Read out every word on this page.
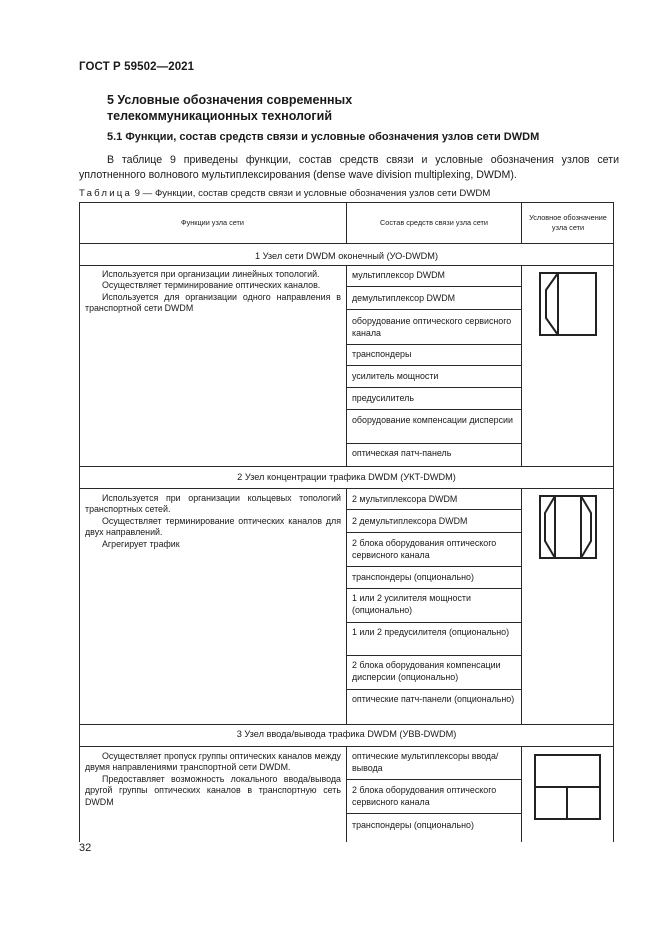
ГОСТ Р 59502—2021
5 Условные обозначения современных
телекоммуникационных технологий
5.1 Функции, состав средств связи и условные обозначения узлов сети DWDM
В таблице 9 приведены функции, состав средств связи и условные обозначения узлов сети уплотненного волнового мультиплексирования (dense wave division multiplexing, DWDM).
Таблица 9 — Функции, состав средств связи и условные обозначения узлов сети DWDM
Функции узла сети	Состав средств связи узла сети
Условное обозначение узла сети
1 Узел сети DWDM оконечный (УО-DWDM)

Используется при организации линейных топологий.

Осуществляет терминирование оптических каналов.

Используется для организации одного направления в транспортной сети DWDM

мультиплексор DWDM
демультиплексор DWDM
оборудование оптического сервисного канала
транспондеры
усилитель мощности
предусилитель
оборудование компенсации дисперсии
оптическая патч-панель
2 Узел концентрации трафика DWDM (УКТ-DWDM)

Используется при организации кольцевых топологий транспортных сетей.

Осуществляет терминирование оптических каналов для двух направлений.

Агрегирует трафик

2 мультиплексора DWDM
2 демультиплексора DWDM
2 блока оборудования оптического сервисного канала
транспондеры (опционально)
1 или 2 усилителя мощности (опционально)
1 или 2 предусилителя (опционально)
2 блока оборудования компенсации дисперсии (опционально)
оптические патч-панели (опционально)
3 Узел ввода/вывода трафика DWDM (УВВ-DWDM)

Осуществляет пропуск группы оптических каналов между двумя направлениями транспортной сети DWDM.

Предоставляет возможность локального ввода/вывода другой группы оптических каналов в транспортную сеть DWDM

оптические мультиплексоры ввода/вывода
2 блока оборудования оптического сервисного канала
транспондеры (опционально)
32
